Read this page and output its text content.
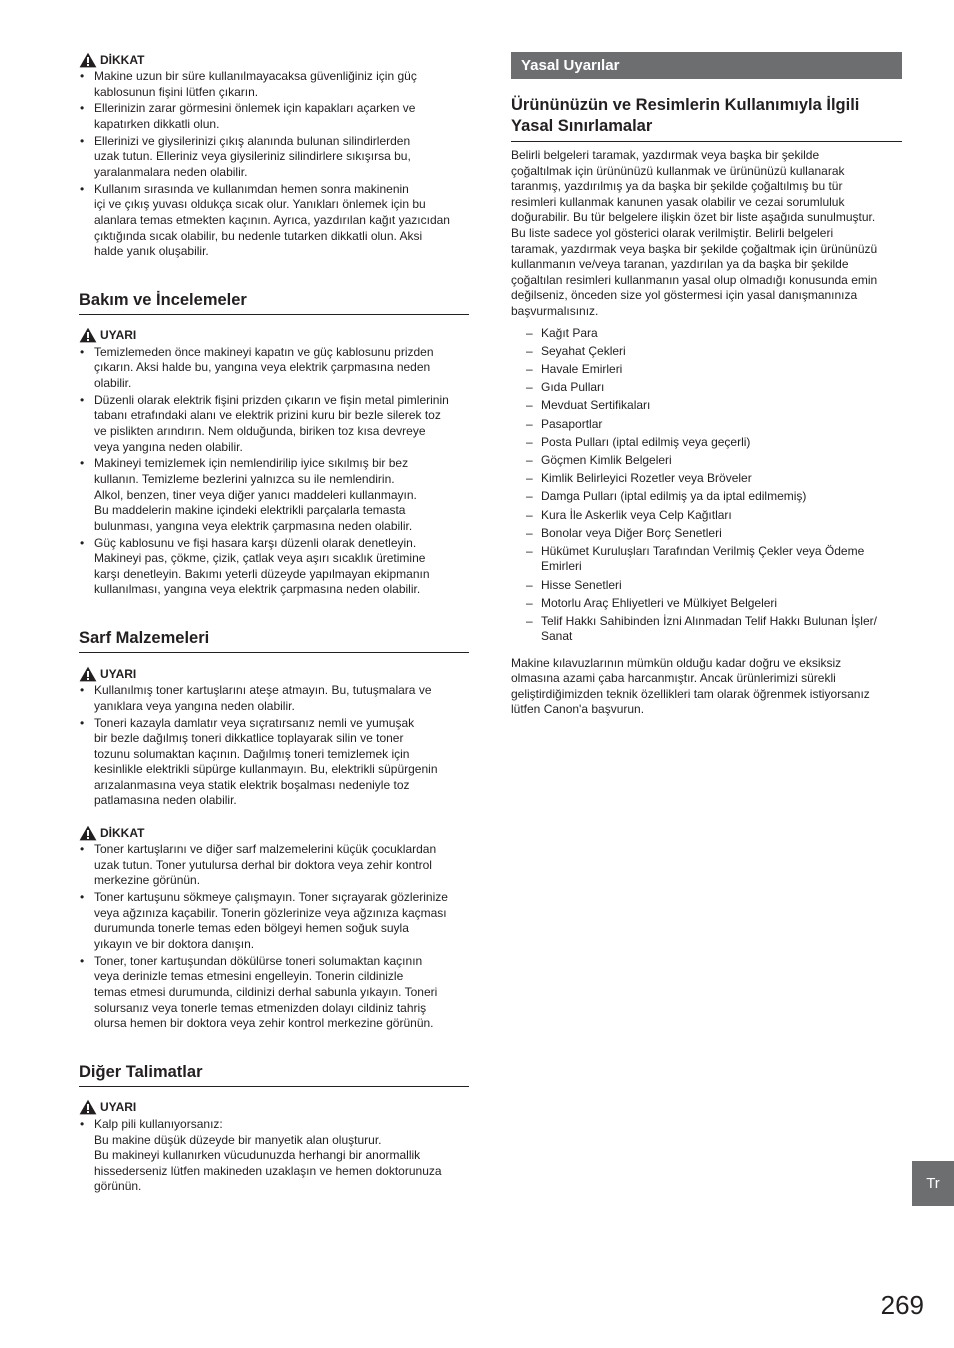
DİKKAT
• Makine uzun bir süre kullanılmayacaksa güvenliğiniz için güç
kablosunun fişini lütfen çıkarın.
• Ellerinizin zarar görmesini önlemek için kapakları açarken ve
kapatırken dikkatli olun.
• Ellerinizi ve giysilerinizi çıkış alanında bulunan silindirlerden
uzak tutun. Elleriniz veya giysileriniz silindirlere sıkışırsa bu,
yaralanmalara neden olabilir.
• Kullanım sırasında ve kullanımdan hemen sonra makinenin
içi ve çıkış yuvası oldukça sıcak olur. Yanıkları önlemek için bu
alanlara temas etmekten kaçının. Ayrıca, yazdırılan kağıt yazıcıdan
çıktığında sıcak olabilir, bu nedenle tutarken dikkatli olun. Aksi
halde yanık oluşabilir.
Bakım ve İncelemeler
UYARI
• Temizlemeden önce makineyi kapatın ve güç kablosunu prizden
çıkarın. Aksi halde bu, yangına veya elektrik çarpmasına neden
olabilir.
• Düzenli olarak elektrik fişini prizden çıkarın ve fişin metal pimlerinin
tabanı etrafındaki alanı ve elektrik prizini kuru bir bezle silerek toz
ve pislikten arındırın. Nem olduğunda, biriken toz kısa devreye
veya yangına neden olabilir.
• Makineyi temizlemek için nemlendirilip iyice sıkılmış bir bez
kullanın. Temizleme bezlerini yalnızca su ile nemlendirin.
Alkol, benzen, tiner veya diğer yanıcı maddeleri kullanmayın.
Bu maddelerin makine içindeki elektrikli parçalarla temasta
bulunması, yangına veya elektrik çarpmasına neden olabilir.
• Güç kablosunu ve fişi hasara karşı düzenli olarak denetleyin.
Makineyi pas, çökme, çizik, çatlak veya aşırı sıcaklık üretimine
karşı denetleyin. Bakımı yeterli düzeyde yapılmayan ekipmanın
kullanılması, yangına veya elektrik çarpmasına neden olabilir.
Sarf Malzemeleri
UYARI
• Kullanılmış toner kartuşlarını ateşe atmayın. Bu, tutuşmalara ve
yanıklara veya yangına neden olabilir.
• Toneri kazayla damlatır veya sıçratırsanız nemli ve yumuşak
bir bezle dağılmış toneri dikkatlice toplayarak silin ve toner
tozunu solumaktan kaçının. Dağılmış toneri temizlemek için
kesinlikle elektrikli süpürge kullanmayın. Bu, elektrikli süpürgenin
arızalanmasına veya statik elektrik boşalması nedeniyle toz
patlamasına neden olabilir.
DİKKAT
• Toner kartuşlarını ve diğer sarf malzemelerini küçük çocuklardan
uzak tutun. Toner yutulursa derhal bir doktora veya zehir kontrol
merkezine görünün.
• Toner kartuşunu sökmeye çalışmayın. Toner sıçrayarak gözlerinize
veya ağzınıza kaçabilir. Tonerin gözlerinize veya ağzınıza kaçması
durumunda tonerle temas eden bölgeyi hemen soğuk suyla
yıkayın ve bir doktora danışın.
• Toner, toner kartuşundan dökülürse toneri solumaktan kaçının
veya derinizle temas etmesini engelleyin. Tonerin cildinizle
temas etmesi durumunda, cildinizi derhal sabunla yıkayın. Toneri
solursanız veya tonerle temas etmenizden dolayı cildiniz tahriş
olursa hemen bir doktora veya zehir kontrol merkezine görünün.
Diğer Talimatlar
UYARI
• Kalp pili kullanıyorsanız:
Bu makine düşük düzeyde bir manyetik alan oluşturur.
Bu makineyi kullanırken vücudunuzda herhangi bir anormallik
hissederseniz lütfen makineden uzaklaşın ve hemen doktorunuza
görünün.
Yasal Uyarılar
Ürününüzün ve Resimlerin Kullanımıyla İlgili
Yasal Sınırlamalar
Belirli belgeleri taramak, yazdırmak veya başka bir şekilde
çoğaltılmak için ürününüzü kullanmak ve ürününüzü kullanarak
taranmış, yazdırılmış ya da başka bir şekilde çoğaltılmış bu tür
resimleri kullanmak kanunen yasak olabilir ve cezai sorumluluk
doğurabilir. Bu tür belgelere ilişkin özet bir liste aşağıda sunulmuştur.
Bu liste sadece yol gösterici olarak verilmiştir. Belirli belgeleri
taramak, yazdırmak veya başka bir şekilde çoğaltmak için ürününüzü
kullanmanın ve/veya taranan, yazdırılan ya da başka bir şekilde
çoğaltılan resimleri kullanmanın yasal olup olmadığı konusunda emin
değilseniz, önceden size yol göstermesi için yasal danışmanınıza
başvurmalısınız.
– Kağıt Para
– Seyahat Çekleri
– Havale Emirleri
– Gıda Pulları
– Mevduat Sertifikaları
– Pasaportlar
– Posta Pulları (iptal edilmiş veya geçerli)
– Göçmen Kimlik Belgeleri
– Kimlik Belirleyici Rozetler veya Bröveler
– Damga Pulları (iptal edilmiş ya da iptal edilmemiş)
– Kura İle Askerlik veya Celp Kağıtları
– Bonolar veya Diğer Borç Senetleri
– Hükümet Kuruluşları Tarafından Verilmiş Çekler veya Ödeme
Emirleri
– Hisse Senetleri
– Motorlu Araç Ehliyetleri ve Mülkiyet Belgeleri
– Telif Hakkı Sahibinden İzni Alınmadan Telif Hakkı Bulunan İşler/
Sanat
Makine kılavuzlarının mümkün olduğu kadar doğru ve eksiksiz
olmasına azami çaba harcanmıştır. Ancak ürünlerimizi sürekli
geliştirdiğimizden teknik özellikleri tam olarak öğrenmek istiyorsanız
lütfen Canon'a başvurun.
Tr
269
